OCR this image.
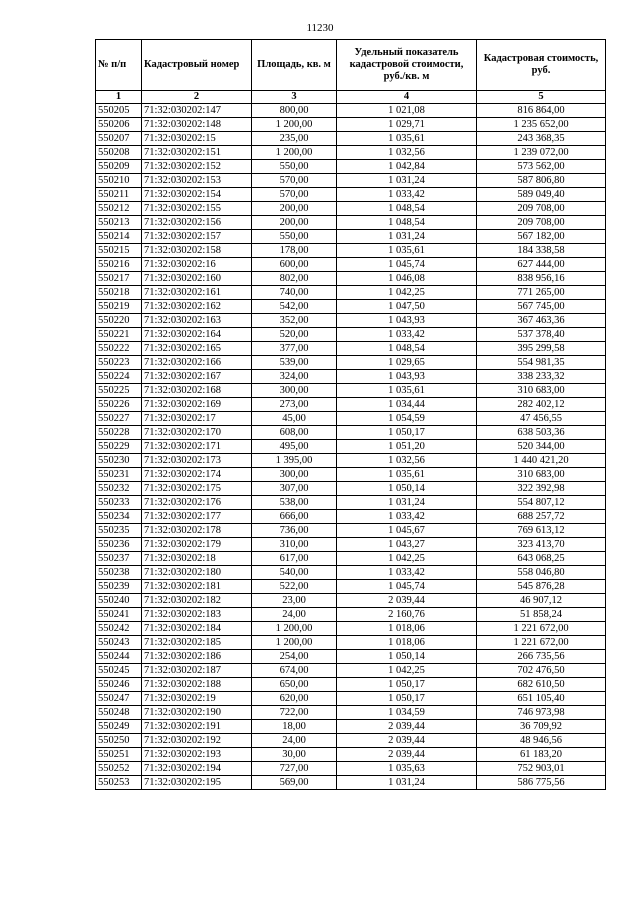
11230
№ п/п	Кадастровый номер	Площадь, кв. м	Удельный показатель кадастровой стоимости, руб./кв. м	Кадастровая стоимость, руб.
1	2	3	4	5
550205	71:32:030202:147	800,00	1 021,08	816 864,00
550206	71:32:030202:148	1 200,00	1 029,71	1 235 652,00
550207	71:32:030202:15	235,00	1 035,61	243 368,35
550208	71:32:030202:151	1 200,00	1 032,56	1 239 072,00
550209	71:32:030202:152	550,00	1 042,84	573 562,00
550210	71:32:030202:153	570,00	1 031,24	587 806,80
550211	71:32:030202:154	570,00	1 033,42	589 049,40
550212	71:32:030202:155	200,00	1 048,54	209 708,00
550213	71:32:030202:156	200,00	1 048,54	209 708,00
550214	71:32:030202:157	550,00	1 031,24	567 182,00
550215	71:32:030202:158	178,00	1 035,61	184 338,58
550216	71:32:030202:16	600,00	1 045,74	627 444,00
550217	71:32:030202:160	802,00	1 046,08	838 956,16
550218	71:32:030202:161	740,00	1 042,25	771 265,00
550219	71:32:030202:162	542,00	1 047,50	567 745,00
550220	71:32:030202:163	352,00	1 043,93	367 463,36
550221	71:32:030202:164	520,00	1 033,42	537 378,40
550222	71:32:030202:165	377,00	1 048,54	395 299,58
550223	71:32:030202:166	539,00	1 029,65	554 981,35
550224	71:32:030202:167	324,00	1 043,93	338 233,32
550225	71:32:030202:168	300,00	1 035,61	310 683,00
550226	71:32:030202:169	273,00	1 034,44	282 402,12
550227	71:32:030202:17	45,00	1 054,59	47 456,55
550228	71:32:030202:170	608,00	1 050,17	638 503,36
550229	71:32:030202:171	495,00	1 051,20	520 344,00
550230	71:32:030202:173	1 395,00	1 032,56	1 440 421,20
550231	71:32:030202:174	300,00	1 035,61	310 683,00
550232	71:32:030202:175	307,00	1 050,14	322 392,98
550233	71:32:030202:176	538,00	1 031,24	554 807,12
550234	71:32:030202:177	666,00	1 033,42	688 257,72
550235	71:32:030202:178	736,00	1 045,67	769 613,12
550236	71:32:030202:179	310,00	1 043,27	323 413,70
550237	71:32:030202:18	617,00	1 042,25	643 068,25
550238	71:32:030202:180	540,00	1 033,42	558 046,80
550239	71:32:030202:181	522,00	1 045,74	545 876,28
550240	71:32:030202:182	23,00	2 039,44	46 907,12
550241	71:32:030202:183	24,00	2 160,76	51 858,24
550242	71:32:030202:184	1 200,00	1 018,06	1 221 672,00
550243	71:32:030202:185	1 200,00	1 018,06	1 221 672,00
550244	71:32:030202:186	254,00	1 050,14	266 735,56
550245	71:32:030202:187	674,00	1 042,25	702 476,50
550246	71:32:030202:188	650,00	1 050,17	682 610,50
550247	71:32:030202:19	620,00	1 050,17	651 105,40
550248	71:32:030202:190	722,00	1 034,59	746 973,98
550249	71:32:030202:191	18,00	2 039,44	36 709,92
550250	71:32:030202:192	24,00	2 039,44	48 946,56
550251	71:32:030202:193	30,00	2 039,44	61 183,20
550252	71:32:030202:194	727,00	1 035,63	752 903,01
550253	71:32:030202:195	569,00	1 031,24	586 775,56
